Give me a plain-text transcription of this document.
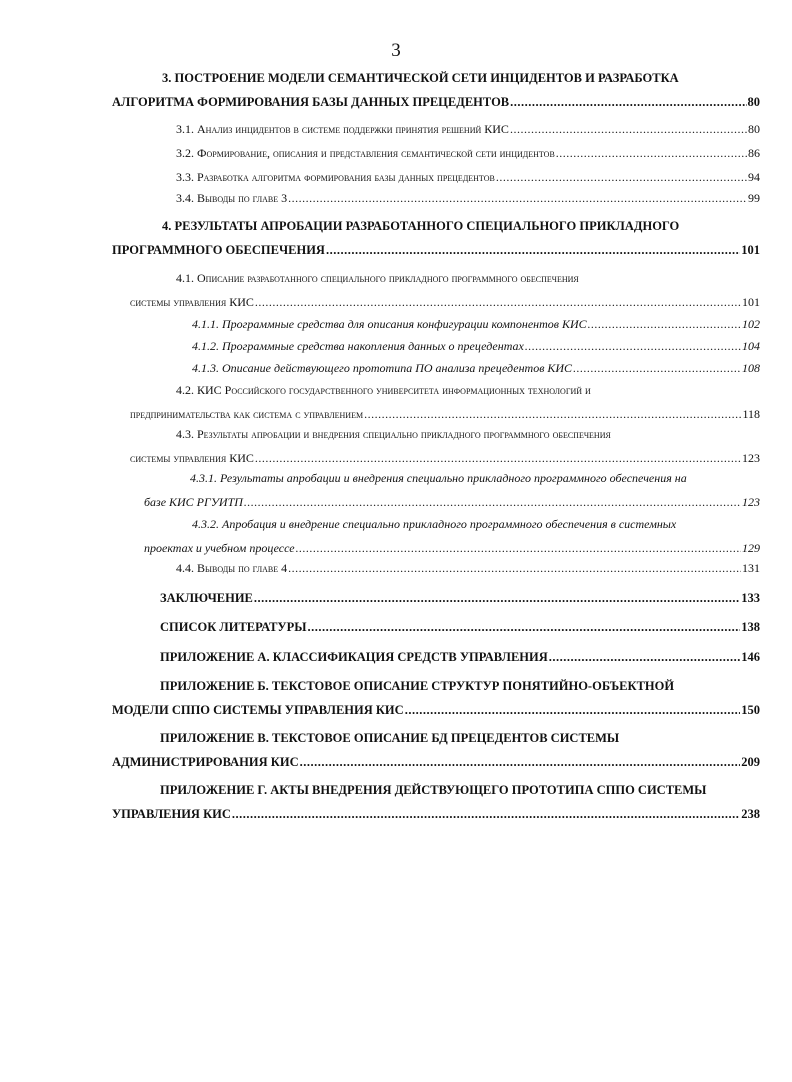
3
3. ПОСТРОЕНИЕ МОДЕЛИ СЕМАНТИЧЕСКОЙ СЕТИ ИНЦИДЕНТОВ И РАЗРАБОТКА
АЛГОРИТМА ФОРМИРОВАНИЯ БАЗЫ ДАННЫХ ПРЕЦЕДЕНТОВ .....	80
3.1. Анализ инцидентов в системе поддержки принятия решений КИС .....	80
3.2. Формирование, описания и представления семантической сети инцидентов .....	86
3.3. Разработка алгоритма формирования базы данных прецедентов .....	94
3.4. Выводы по главе 3 .....	99
4. РЕЗУЛЬТАТЫ АПРОБАЦИИ РАЗРАБОТАННОГО СПЕЦИАЛЬНОГО ПРИКЛАДНОГО
ПРОГРАММНОГО ОБЕСПЕЧЕНИЯ .....	101
4.1. Описание разработанного специального прикладного программного обеспечения
системы управления КИС .....	101
4.1.1. Программные средства для описания конфигурации компонентов КИС .....	102
4.1.2. Программные средства накопления данных о прецедентах .....	104
4.1.3. Описание действующего прототипа ПО анализа прецедентов КИС .....	108
4.2. КИС Российского государственного университета информационных технологий и
предпринимательства как система с управлением .....	118
4.3. Результаты апробации и внедрения специально прикладного программного обеспечения
системы управления КИС .....	123
4.3.1. Результаты апробации и внедрения специально прикладного программного обеспечения на
базе КИС РГУИТП .....	123
4.3.2. Апробация и внедрение специально прикладного программного обеспечения в системных
проектах и учебном процессе .....	129
4.4. Выводы по главе 4 .....	131
ЗАКЛЮЧЕНИЕ .....	133
СПИСОК ЛИТЕРАТУРЫ .....	138
ПРИЛОЖЕНИЕ А. КЛАССИФИКАЦИЯ СРЕДСТВ УПРАВЛЕНИЯ .....	146
ПРИЛОЖЕНИЕ Б. ТЕКСТОВОЕ ОПИСАНИЕ СТРУКТУР ПОНЯТИЙНО-ОБЪЕКТНОЙ
МОДЕЛИ СППО СИСТЕМЫ УПРАВЛЕНИЯ КИС .....	150
ПРИЛОЖЕНИЕ В. ТЕКСТОВОЕ ОПИСАНИЕ БД ПРЕЦЕДЕНТОВ СИСТЕМЫ
АДМИНИСТРИРОВАНИЯ КИС .....	209
ПРИЛОЖЕНИЕ Г. АКТЫ ВНЕДРЕНИЯ ДЕЙСТВУЮЩЕГО ПРОТОТИПА СППО СИСТЕМЫ
УПРАВЛЕНИЯ КИС .....	238
